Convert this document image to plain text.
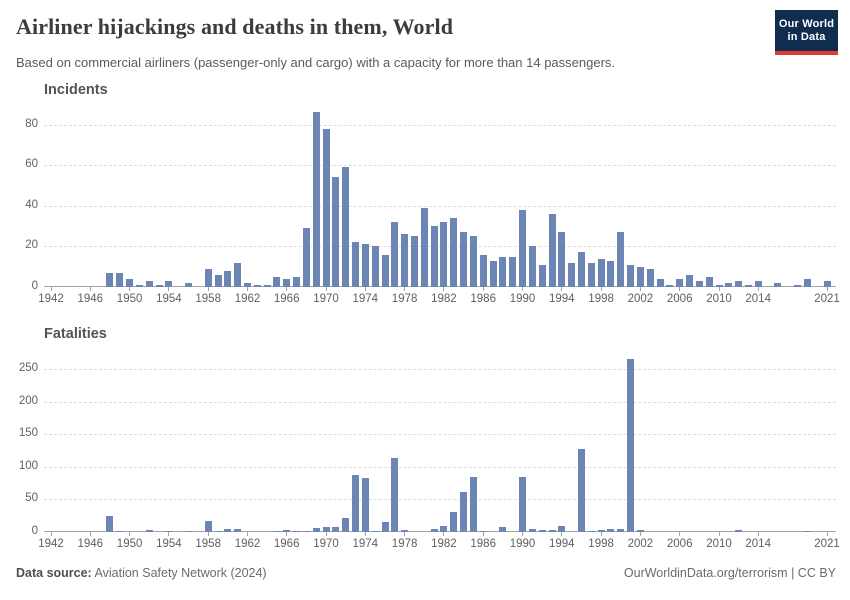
Airliner hijackings and deaths in them, World
Based on commercial airliners (passenger-only and cargo) with a capacity for more than 14 passengers.
Our World
in Data
Incidents
0
20
40
60
80
1942	1946	1950	1954	1958	1962	1966	1970	1974	1978	1982	1986	1990	1994	1998	2002	2006	2010	2014	2021
Fatalities
0
50
100
150
200
250
1942	1946	1950	1954	1958	1962	1966	1970	1974	1978	1982	1986	1990	1994	1998	2002	2006	2010	2014	2021
Data source: Aviation Safety Network (2024)	OurWorldinData.org/terrorism | CC BY
